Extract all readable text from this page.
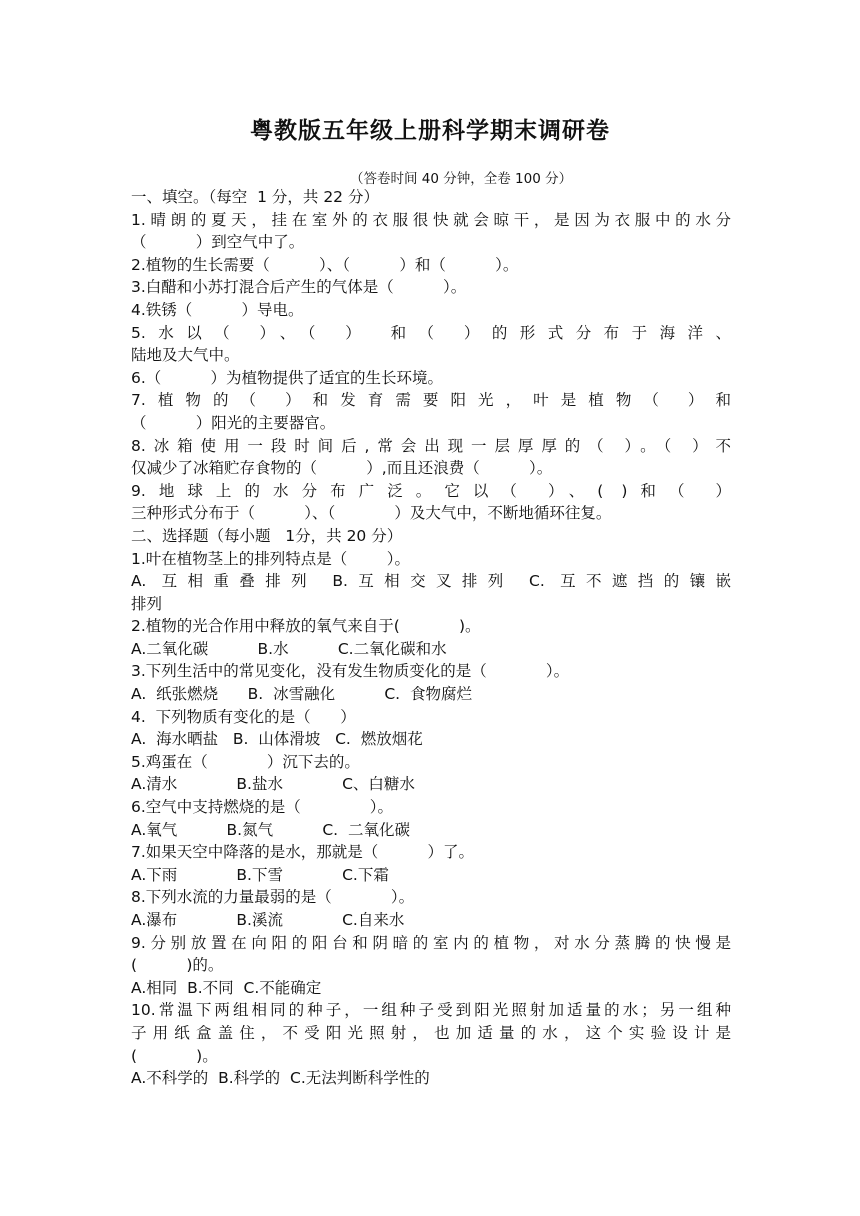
粤教版五年级上册科学期末调研卷
（答卷时间 40 分钟，全卷 100 分）
一、填空。（每空  1 分，共 22 分）
1.晴朗的夏天，挂在室外的衣服很快就会晾干，是因为衣服中的水分
（          ）到空气中了。
2.植物的生长需要（          ）、（          ）和（          ）。
3.白醋和小苏打混合后产生的气体是（          ）。
4.铁锈（          ）导电。
5.水以（ ）、（ ） 和（ ）的形式分布于海洋、
陆地及大气中。
6.（          ）为植物提供了适宜的生长环境。
7.植物的（ ）和发育需要阳光，叶是植物（ ）和
（          ）阳光的主要器官。
8.冰箱使用一段时间后,常会出现一层厚厚的（ ）。（ ）不
仅减少了冰箱贮存食物的（          ）,而且还浪费（          ）。
9.地球上的水分布广泛。它以（ ）、( )和（ ）
三种形式分布于（          ）、（            ）及大气中，不断地循环往复。
二、选择题（每小题   1分，共 20 分）
1.叶在植物茎上的排列特点是（        ）。
A. 互相重叠排列 B.互相交叉排列 C. 互不遮挡的镶嵌
排列
2.植物的光合作用中释放的氧气来自于(            )。
A.二氧化碳          B.水          C.二氧化碳和水
3.下列生活中的常见变化，没有发生物质变化的是（            ）。
A.  纸张燃烧      B.  冰雪融化          C.  食物腐烂
4.  下列物质有变化的是（      ）
A.  海水晒盐   B.  山体滑坡   C.  燃放烟花
5.鸡蛋在（            ）沉下去的。
A.清水            B.盐水            C、白糖水
6.空气中支持燃烧的是（              ）。
A.氧气          B.氮气          C.  二氧化碳
7.如果天空中降落的是水，那就是（          ）了。
A.下雨            B.下雪            C.下霜
8.下列水流的力量最弱的是（            ）。
A.瀑布            B.溪流            C.自来水
9.分别放置在向阳的阳台和阴暗的室内的植物，对水分蒸腾的快慢是
(          )的。
A.相同  B.不同  C.不能确定
10.常温下两组相同的种子，一组种子受到阳光照射加适量的水；另一组种
子用纸盒盖住，不受阳光照射，也加适量的水，这个实验设计是
(            )。
A.不科学的  B.科学的  C.无法判断科学性的
